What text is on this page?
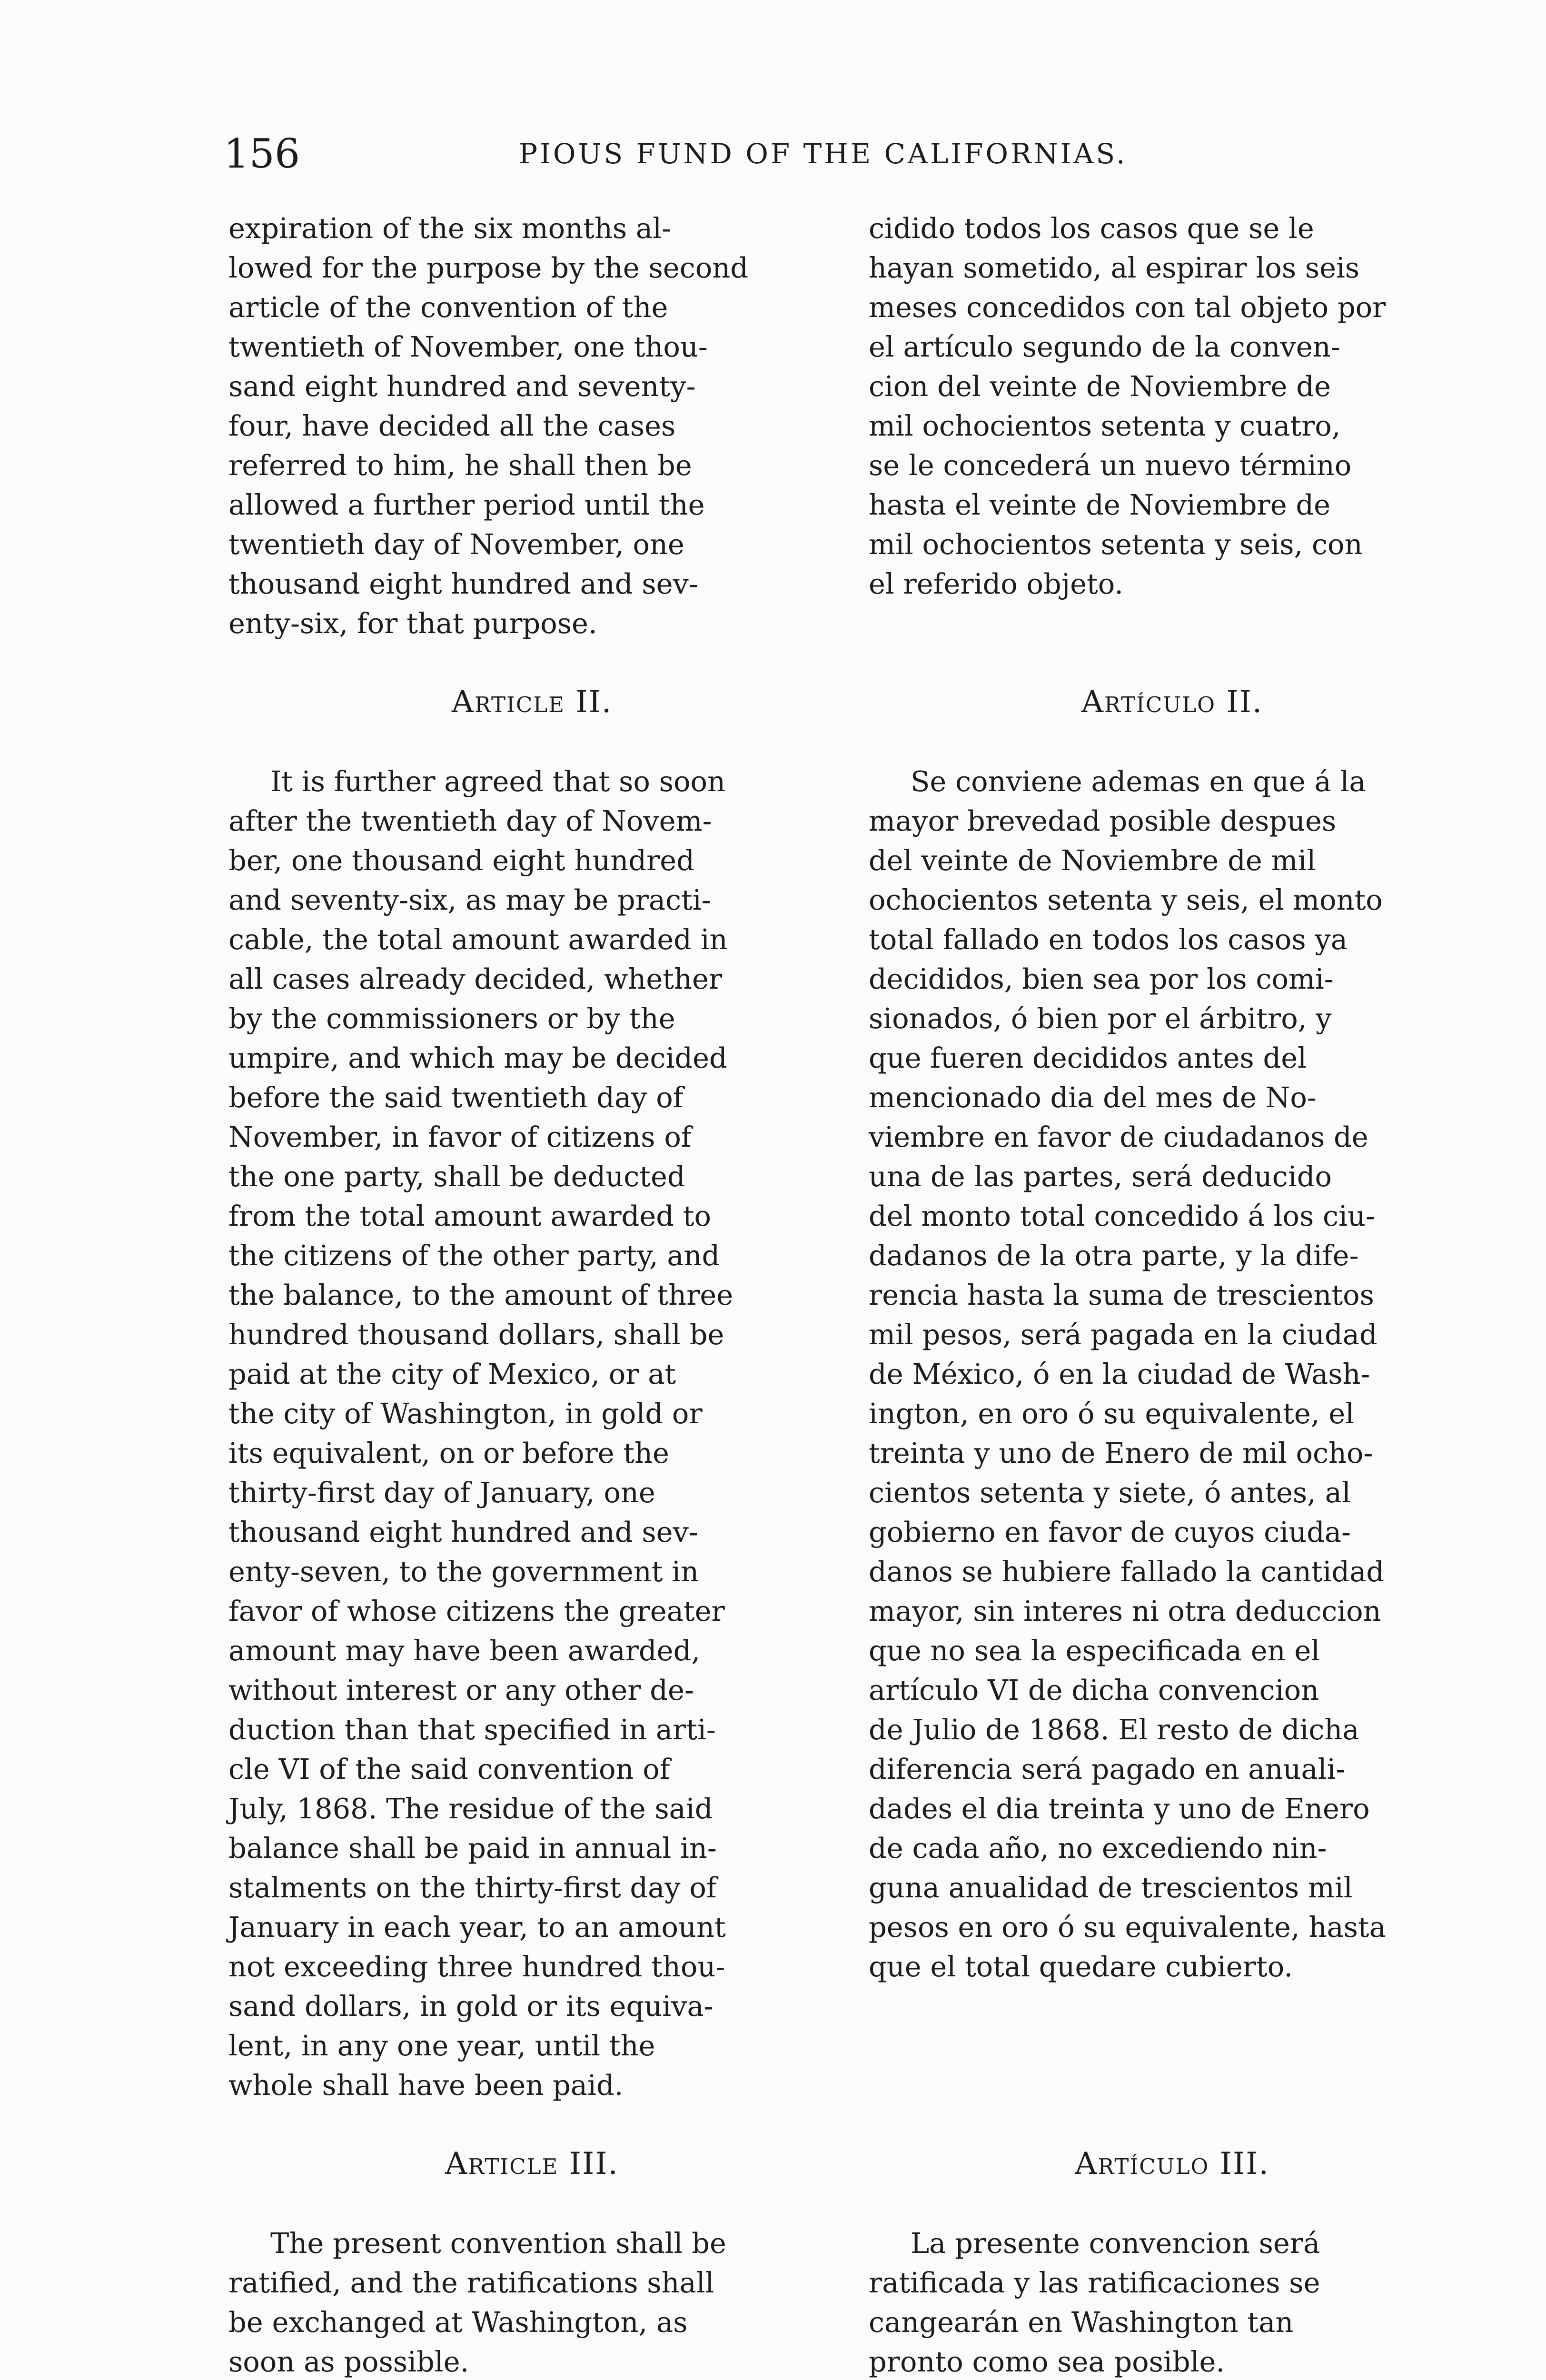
156	PIOUS FUND OF THE CALIFORNIAS.

expiration of the six months al-
lowed for the purpose by the second
article of the convention of the
twentieth of November, one thou-
sand eight hundred and seventy-
four, have decided all the cases
referred to him, he shall then be
allowed a further period until the
twentieth day of November, one
thousand eight hundred and sev-
enty-six, for that purpose.

Article II.

It is further agreed that so soon
after the twentieth day of Novem-
ber, one thousand eight hundred
and seventy-six, as may be practi-
cable, the total amount awarded in
all cases already decided, whether
by the commissioners or by the
umpire, and which may be decided
before the said twentieth day of
November, in favor of citizens of
the one party, shall be deducted
from the total amount awarded to
the citizens of the other party, and
the balance, to the amount of three
hundred thousand dollars, shall be
paid at the city of Mexico, or at
the city of Washington, in gold or
its equivalent, on or before the
thirty-first day of January, one
thousand eight hundred and sev-
enty-seven, to the government in
favor of whose citizens the greater
amount may have been awarded,
without interest or any other de-
duction than that specified in arti-
cle VI of the said convention of
July, 1868. The residue of the said
balance shall be paid in annual in-
stalments on the thirty-first day of
January in each year, to an amount
not exceeding three hundred thou-
sand dollars, in gold or its equiva-
lent, in any one year, until the
whole shall have been paid.

Article III.

The present convention shall be
ratified, and the ratifications shall
be exchanged at Washington, as
soon as possible.

cidido todos los casos que se le
hayan sometido, al espirar los seis
meses concedidos con tal objeto por
el artículo segundo de la conven-
cion del veinte de Noviembre de
mil ochocientos setenta y cuatro,
se le concederá un nuevo término
hasta el veinte de Noviembre de
mil ochocientos setenta y seis, con
el referido objeto.

Artículo II.

Se conviene ademas en que á la
mayor brevedad posible despues
del veinte de Noviembre de mil
ochocientos setenta y seis, el monto
total fallado en todos los casos ya
decididos, bien sea por los comi-
sionados, ó bien por el árbitro, y
que fueren decididos antes del
mencionado dia del mes de No-
viembre en favor de ciudadanos de
una de las partes, será deducido
del monto total concedido á los ciu-
dadanos de la otra parte, y la dife-
rencia hasta la suma de trescientos
mil pesos, será pagada en la ciudad
de México, ó en la ciudad de Wash-
ington, en oro ó su equivalente, el
treinta y uno de Enero de mil ocho-
cientos setenta y siete, ó antes, al
gobierno en favor de cuyos ciuda-
danos se hubiere fallado la cantidad
mayor, sin interes ni otra deduccion
que no sea la especificada en el
artículo VI de dicha convencion
de Julio de 1868. El resto de dicha
diferencia será pagado en anuali-
dades el dia treinta y uno de Enero
de cada año, no excediendo nin-
guna anualidad de trescientos mil
pesos en oro ó su equivalente, hasta
que el total quedare cubierto.

Artículo III.

La presente convencion será
ratificada y las ratificaciones se
cangearán en Washington tan
pronto como sea posible.
